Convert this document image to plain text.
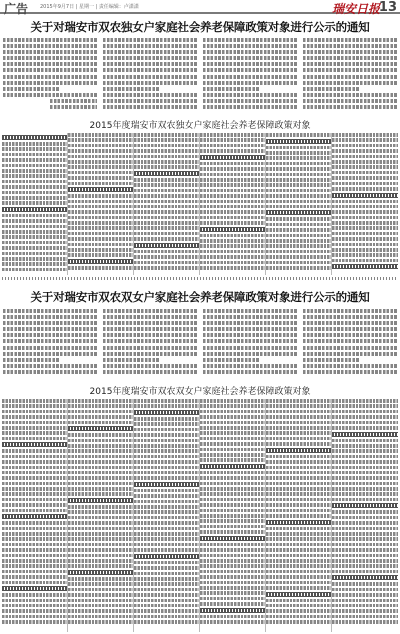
广告 2015年9月7日 | 星期一 | 责任编辑：卢潇潇	瑞安日报
13
关于对瑞安市双农独女户家庭社会养老保障政策对象进行公示的通知
2015年度瑞安市双农独女户家庭社会养老保障政策对象
关于对瑞安市双农双女户家庭社会养老保障政策对象进行公示的通知
2015年度瑞安市双农双女户家庭社会养老保障政策对象
